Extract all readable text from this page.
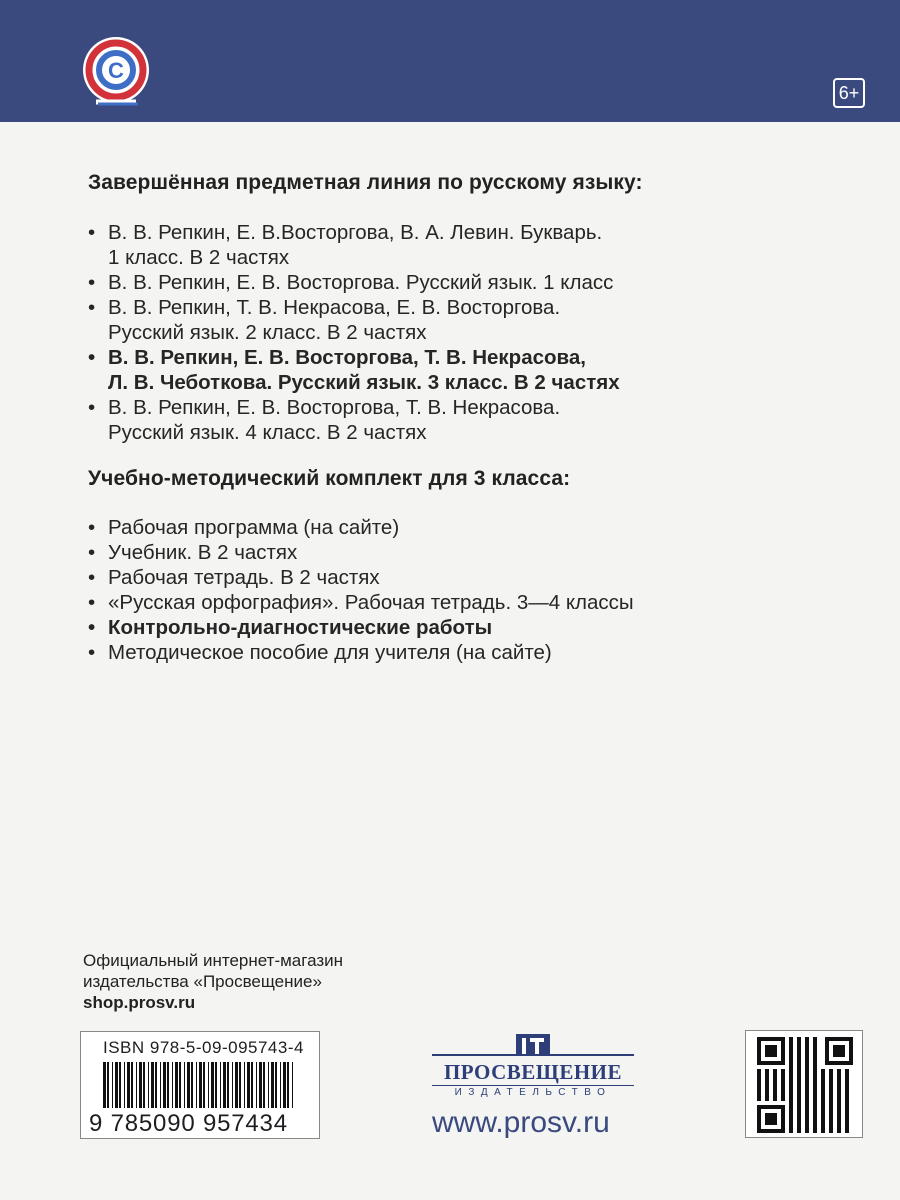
С
6+
Завершённая предметная линия по русскому языку:
• В. В. Репкин, Е. В.Восторгова, В. А. Левин. Букварь.
1 класс. В 2 частях
• В. В. Репкин, Е. В. Восторгова. Русский язык. 1 класс
• В. В. Репкин, Т. В. Некрасова, Е. В. Восторгова.
Русский язык. 2 класс. В 2 частях
• В. В. Репкин, Е. В. Восторгова, Т. В. Некрасова,
Л. В. Чеботкова. Русский язык. 3 класс. В 2 частях
• В. В. Репкин, Е. В. Восторгова, Т. В. Некрасова.
Русский язык. 4 класс. В 2 частях
Учебно-методический комплект для 3 класса:
• Рабочая программа (на сайте)
• Учебник. В 2 частях
• Рабочая тетрадь. В 2 частях
• «Русская орфография». Рабочая тетрадь. 3—4 классы
• Контрольно-диагностические работы
• Методическое пособие для учителя (на сайте)
Официальный интернет-магазин
издательства «Просвещение»
shop.prosv.ru
ISBN 978-5-09-095743-4
9 785090 957434
ПРОСВЕЩЕНИЕ
ИЗДАТЕЛЬСТВО
www.prosv.ru
